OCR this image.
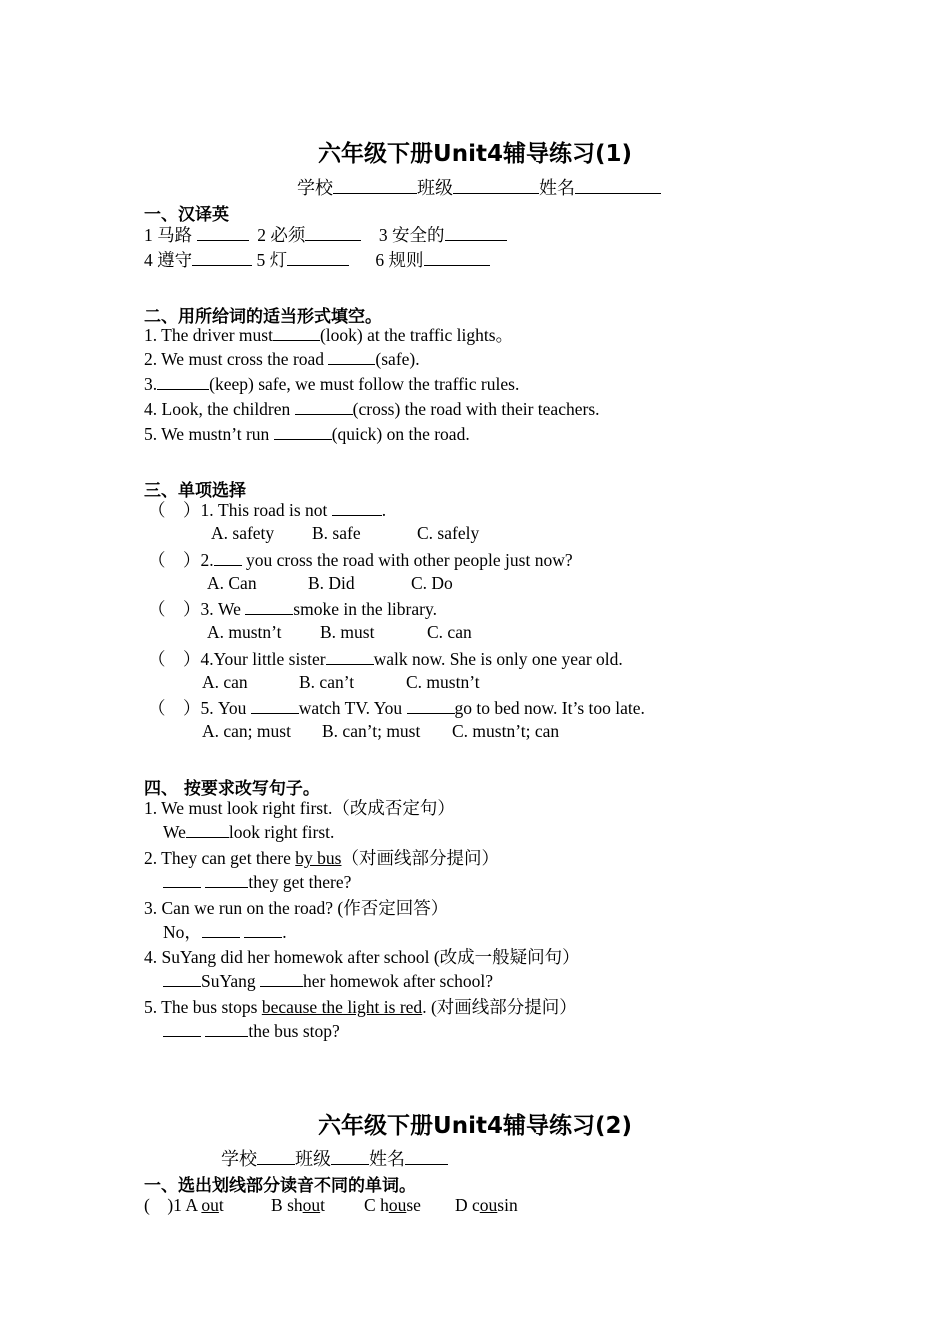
六年级下册Unit4辅导练习(1)
学校	班级	姓名
一、汉译英
1 马路	2 必须	3 安全的
4 遵守	5 灯	6 规则
二、用所给词的适当形式填空。
1. The driver must	(look) at the traffic lights。
2. We must cross the road	(safe).
3.	(keep) safe, we must follow the traffic rules.
4. Look, the children	(cross) the road with their teachers.
5. We mustn’t run	(quick) on the road.
三、单项选择
（    ）1. This road is not	.
A. safety B. safe	C. safely
（    ）2. you cross the road with other people just now?
A. Can	B. Did	C. Do
（    ）3. We	smoke in the library.
A. mustn’t B. must	C. can
（    ）4.Your little sister	walk now. She is only one year old.
A. can	B. can’t	C. mustn’t
（    ）5. You	watch TV. You	go to bed now. It’s too late.
A. can; must B. can’t; must C. mustn’t; can
四、 按要求改写句子。
1. We must look right first.（改成否定句）
We look right first.
2. They can get there by bus（对画线部分提问）
they get there?
3. Can we run on the road? (作否定回答）
No，	.
4. SuYang did her homewok after school (改成一般疑问句）
SuYang her homewok after school?
5. The bus stops because the light is red. (对画线部分提问）
the bus stop?
六年级下册Unit4辅导练习(2)
学校 班级 姓名
一、选出划线部分读音不同的单词。
(    )1 A out	B shout C house D cousin
